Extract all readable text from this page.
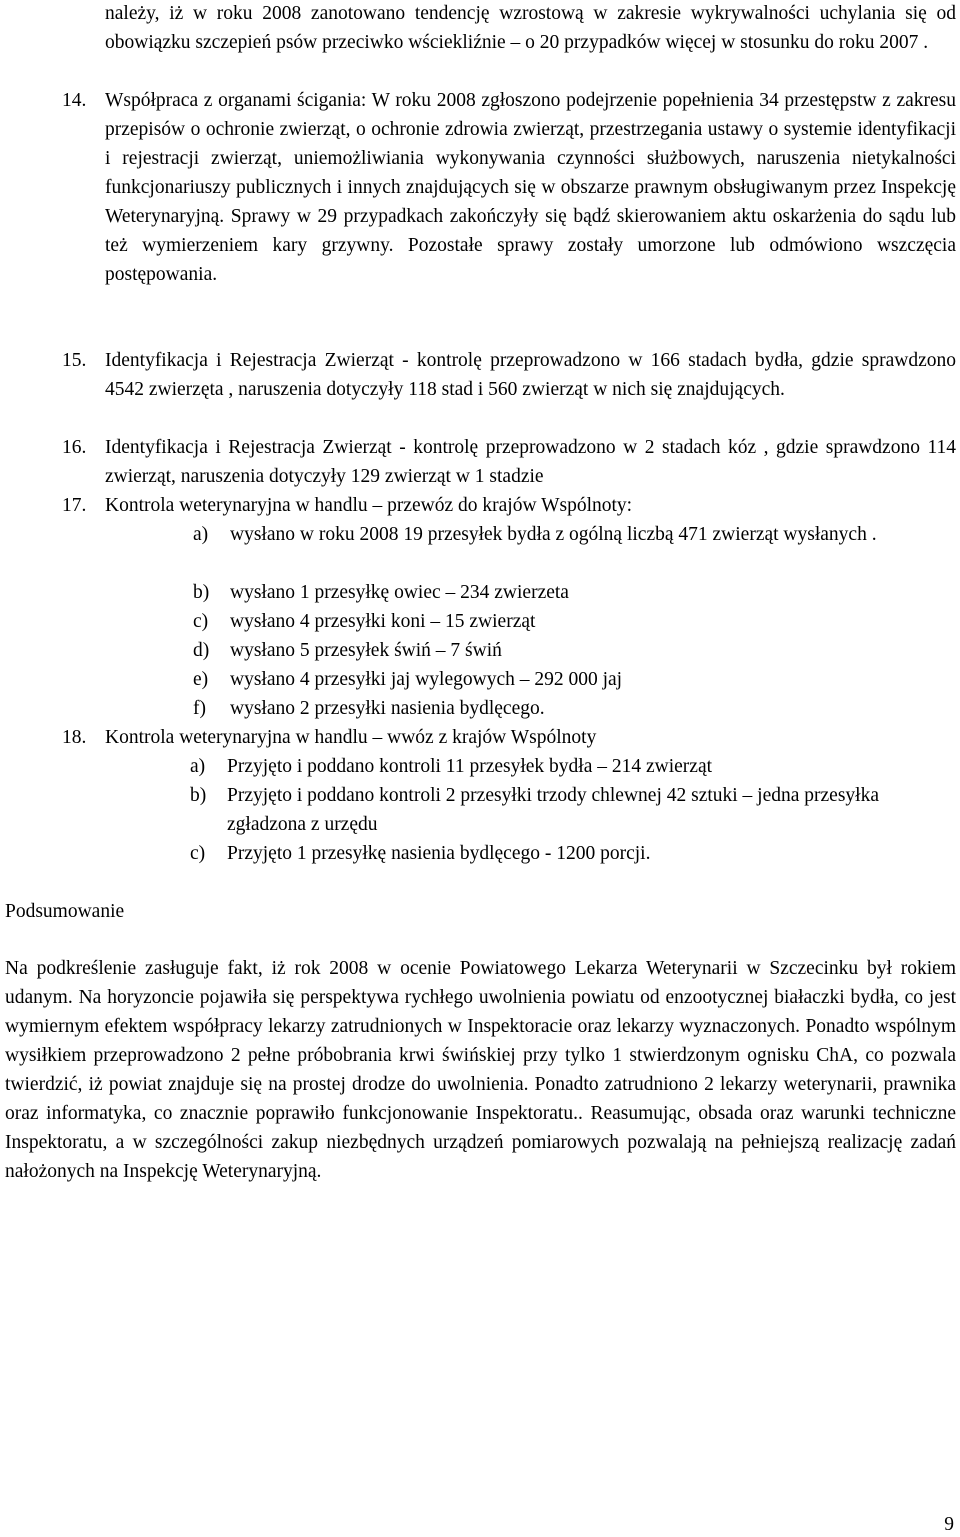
należy, iż w roku 2008 zanotowano tendencję wzrostową w zakresie wykrywalności uchylania się od obowiązku szczepień psów przeciwko wściekliźnie – o 20 przypadków więcej w stosunku do roku 2007 .

14. Współpraca z organami ścigania: W roku 2008 zgłoszono podejrzenie popełnienia 34 przestępstw z zakresu przepisów o ochronie zwierząt, o ochronie zdrowia zwierząt, przestrzegania ustawy o systemie identyfikacji i rejestracji zwierząt, uniemożliwiania wykonywania czynności służbowych, naruszenia nietykalności funkcjonariuszy publicznych i innych znajdujących się w obszarze prawnym obsługiwanym przez Inspekcję Weterynaryjną. Sprawy w 29 przypadkach zakończyły się bądź skierowaniem aktu oskarżenia do sądu lub też wymierzeniem kary grzywny. Pozostałe sprawy zostały umorzone lub odmówiono wszczęcia postępowania.

15. Identyfikacja i Rejestracja Zwierząt - kontrolę przeprowadzono w 166 stadach bydła, gdzie sprawdzono 4542 zwierzęta , naruszenia dotyczyły 118 stad i 560 zwierząt w nich się znajdujących.

16. Identyfikacja i Rejestracja Zwierząt - kontrolę przeprowadzono w 2 stadach kóz , gdzie sprawdzono 114 zwierząt, naruszenia dotyczyły 129 zwierząt w 1 stadzie

17. Kontrola weterynaryjna w handlu – przewóz do krajów Wspólnoty:

a) wysłano w roku 2008 19 przesyłek bydła z ogólną liczbą 471 zwierząt wysłanych .

b) wysłano 1 przesyłkę owiec – 234 zwierzeta

c) wysłano 4 przesyłki koni – 15 zwierząt

d) wysłano 5 przesyłek świń – 7 świń

e) wysłano 4 przesyłki jaj wylegowych – 292 000 jaj

f) wysłano 2 przesyłki nasienia bydlęcego.

18. Kontrola weterynaryjna w handlu – wwóz z krajów Wspólnoty

a) Przyjęto i poddano kontroli 11 przesyłek bydła – 214 zwierząt

b) Przyjęto i poddano kontroli 2 przesyłki trzody chlewnej 42 sztuki – jedna przesyłka zgładzona z urzędu

c) Przyjęto 1 przesyłkę nasienia bydlęcego - 1200 porcji.

Podsumowanie

Na podkreślenie zasługuje fakt, iż rok 2008 w ocenie Powiatowego Lekarza Weterynarii w Szczecinku był rokiem udanym. Na horyzoncie pojawiła się perspektywa rychłego uwolnienia powiatu od enzootycznej białaczki bydła, co jest wymiernym efektem współpracy lekarzy zatrudnionych w Inspektoracie oraz lekarzy wyznaczonych. Ponadto wspólnym wysiłkiem przeprowadzono 2 pełne próbobrania krwi świńskiej przy tylko 1 stwierdzonym ognisku ChA, co pozwala twierdzić, iż powiat znajduje się na prostej drodze do uwolnienia. Ponadto zatrudniono 2 lekarzy weterynarii, prawnika oraz informatyka, co znacznie poprawiło funkcjonowanie Inspektoratu.. Reasumując, obsada oraz warunki techniczne Inspektoratu, a w szczególności zakup niezbędnych urządzeń pomiarowych pozwalają na pełniejszą realizację zadań nałożonych na Inspekcję Weterynaryjną.

9
